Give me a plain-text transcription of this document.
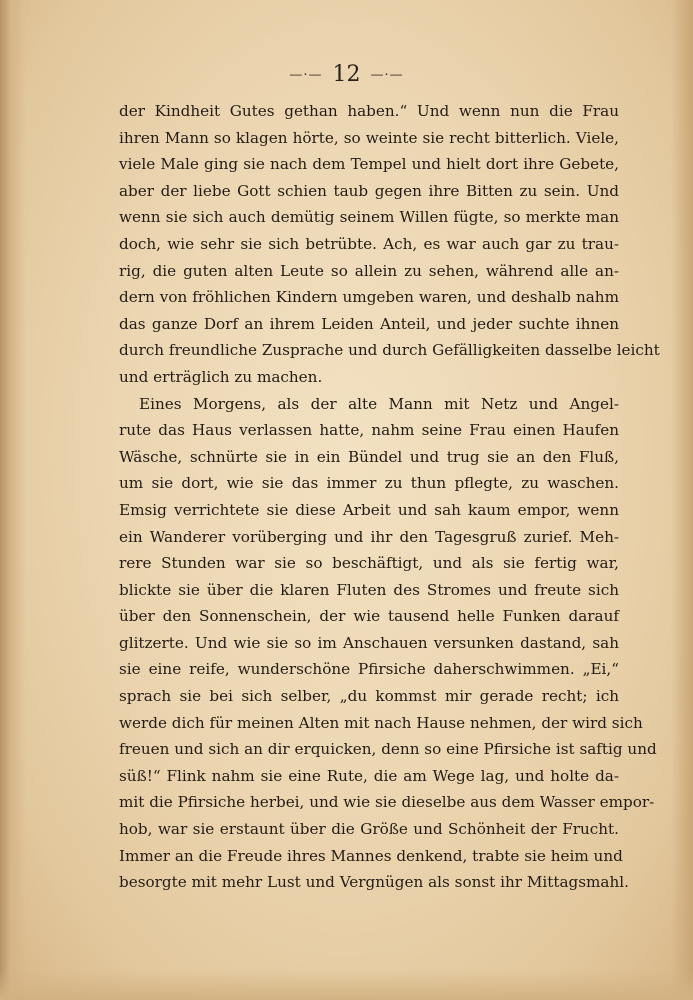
—·— 12 —·—
der Kindheit Gutes gethan haben.“ Und wenn nun die Frau
ihren Mann so klagen hörte, so weinte sie recht bitterlich. Viele,
viele Male ging sie nach dem Tempel und hielt dort ihre Gebete,
aber der liebe Gott schien taub gegen ihre Bitten zu sein. Und
wenn sie sich auch demütig seinem Willen fügte, so merkte man
doch, wie sehr sie sich betrübte. Ach, es war auch gar zu trau-
rig, die guten alten Leute so allein zu sehen, während alle an-
dern von fröhlichen Kindern umgeben waren, und deshalb nahm
das ganze Dorf an ihrem Leiden Anteil, und jeder suchte ihnen
durch freundliche Zusprache und durch Gefälligkeiten dasselbe leicht
und erträglich zu machen.
Eines Morgens, als der alte Mann mit Netz und Angel-
rute das Haus verlassen hatte, nahm seine Frau einen Haufen
Wäsche, schnürte sie in ein Bündel und trug sie an den Fluß,
um sie dort, wie sie das immer zu thun pflegte, zu waschen.
Emsig verrichtete sie diese Arbeit und sah kaum empor, wenn
ein Wanderer vorüberging und ihr den Tagesgruß zurief. Meh-
rere Stunden war sie so beschäftigt, und als sie fertig war,
blickte sie über die klaren Fluten des Stromes und freute sich
über den Sonnenschein, der wie tausend helle Funken darauf
glitzerte. Und wie sie so im Anschauen versunken dastand, sah
sie eine reife, wunderschöne Pfirsiche daherschwimmen. „Ei,“
sprach sie bei sich selber, „du kommst mir gerade recht; ich
werde dich für meinen Alten mit nach Hause nehmen, der wird sich
freuen und sich an dir erquicken, denn so eine Pfirsiche ist saftig und
süß!“ Flink nahm sie eine Rute, die am Wege lag, und holte da-
mit die Pfirsiche herbei, und wie sie dieselbe aus dem Wasser empor-
hob, war sie erstaunt über die Größe und Schönheit der Frucht.
Immer an die Freude ihres Mannes denkend, trabte sie heim und
besorgte mit mehr Lust und Vergnügen als sonst ihr Mittagsmahl.
